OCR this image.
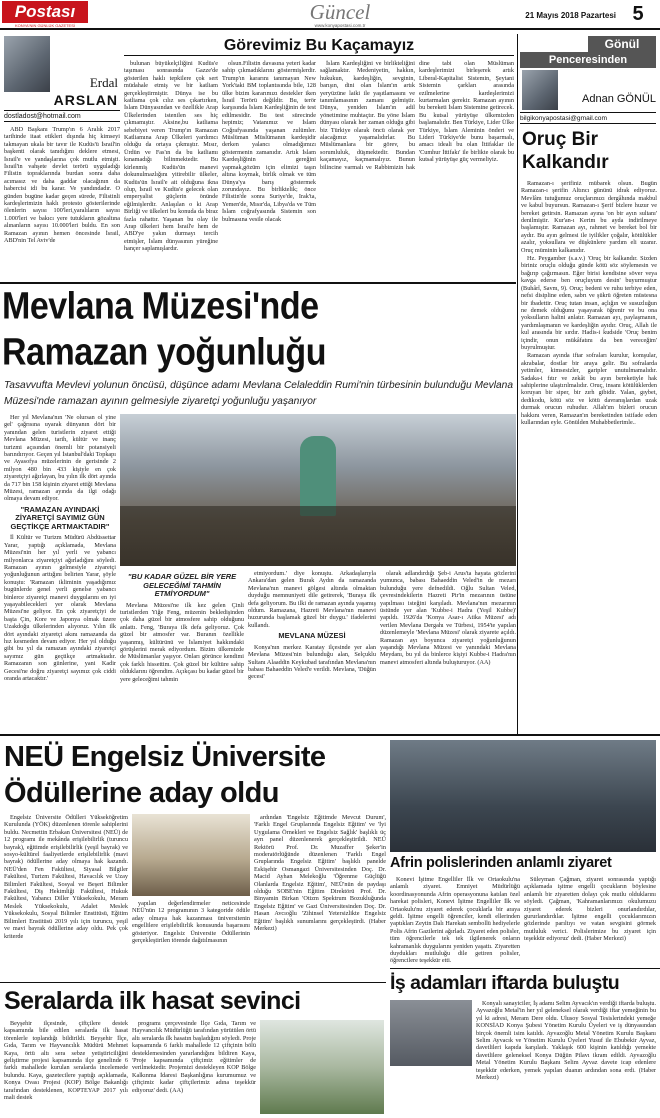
Postası
KONYA'NIN GÜNLÜK GAZETESİ
Güncel
www.konyapostasi.com.tr
21 Mayıs 2018 Pazartesi 5
Erdal
ARSLAN
dostladost@hotmail.com
Görevimiz Bu Kaçamayız

ABD Başkanı Trump'ın 6 Aralık 2017 tarihinde itaat etikleri dışında hiç kimseyi takmayan ukala bir tavır ile Kudüs'ü İsrail'in başkenti olarak tanıdığını deklere etmesi, İsrail'e ve yandaşlarına çok mutlu etmişti. İsrail'in vahşete devlet terörü uyguladığı Filistin topraklarında burdan sonra daha acımasız ve daha gaddar olacağının da habercisi idi bu karar. Ve yandındadır. O günden bugüne kadar geçen sürede, Filistinli kardeşlerimizin haklı protesto gösterilerinde ölenlerin sayısı 100'leri,yaralıların sayısı 1.000'leri ve bakıcı yere tutukların gözaltına alınanların sayısı 10.000'leri buldu. En son Ramazan ayının hemen öncesinde İsrail, ABD'nin Tel Aviv'de

bulunan büyükelçiliğini Kudüs'e taşıması sonrasında Gazze'de gösterilen haklı tepkilere çok sert müdahale etmiş ve bir katliam gerçekleştirmiştir. Dünya ise bu katliama çok cılız ses çıkartırken, İslam Dünyasından ve özellikle Arap Ülkelerinden istenilen ses hiç çıkmamıştır. Aksine,bu katliama sebebiyet veren Trump'ın Ramazan Katliamına Arap Ülkeleri yardımcı olduğu da ortaya çıkmıştır. Mısır, Ürdün ve Fas'ın da bu katliamı kınamadığı bilinmektedir. Bu kirlenmiş Kudüs'ün manevi dokunulmazlığını yitirebilir ülkeler, Kudüs'ün İsrail'e ait olduğuna ikna olup, İsrail ve Kudüs'e gelecek olan emperyalist güçlerin önünde eğilmişlerdir. Anlaşılan o ki Arap Birliği ve ülkeleri bu konuda da biraz fazla rahattır. Yaşanan bu olay ile Arap ülkeleri hem İsrail'e hem de ABD'ye yakın durmayı tercih etmişler, İslam dünyasının yüreğine hançer saplamışlardır.

olsun.Filistin davasına yeteri kadar sahip çıkmadıklarını göstermişlerdir. Trump'ın kararını tanımayan New York'taki BM toplantısında bile, 128 ülke bizim kararımızı destekler iken İsrail Terörü değildir. Bu, terör karşısında İslam Kardeşliğinin de test edilmesidir. Bu test sürecinde hepimiz; Vatanımız ve İslam Coğrafyasında yaşanan zulümler. Müslüman Müslümanın kardeşidir derken yalancı olmadığımızı göstermenin zamanıdır. Artık İslam Kardeşliğinin gereğini yapmak,gözüm için elimizi taşın altına koymak, birlik olmak ve tüm Dünya'ya barış göstermek zorundayız. Bu birliktelik; önce Filistin'de sonra Suriye'de, Irak'ta, Yemen'de, Mısır'da, Libya'da ve Tüm İslam coğrafyasında Sistemin son bulmasına vesile olacak

İslam Kardeşliğini ve birlikteliğini sağlamaktır. Medeniyetin, hakkın, hukukun, kardeşliğin, sevginin, barışın, dini olan İslam'ın artık yeryüzüne laiki ile yaşıtlamasını ve tanımlamasının zamanı gelmiştir. Dünya, yeniden İslam'ın adil yönetimine muhtaçtır. Bu yöne İslam dünyası olarak her zaman olduğu gibi biz Türkiye olarak öncü olarak yer alacağımız yaşamalıdırlar. Bu Müslümanlara bir görev, bu sorumluluk, düşmektedir. Bundan kaçamayız, kaçmamalıyız. Bunun bilincine varmalı ve Rabbimizin hak dine tabi olan Müslüman kardeşlerimizi birleşerek artık Liberal-Kapitalist Sistemin, Şeytani Sistemin çarkları arasında ezilmelerine kardeşlerimizi kurtarmaları gerekir. Ramazan ayının bu bereketi İslam Sistemine getirecek. Bu kutsal yürüyüşe ülkemizden başlamalıdır. Ben Türkiye, Lider Ülke Türkiye, İslam Aleminin önderi ve Lideri Türkiye'de bunu başarmalı, amacı ideali bu olan İttifaklar ile 'Cumhur İttifakı' ile birlikte olarak bu kutsal yürüyüşe güç vermeliyiz.

Gönül
Penceresinden
Adnan GÖNÜL
bilgikonyapostasi@gmail.com
Oruç Bir Kalkandır

Ramazan-ı şerifiniz mübarek olsun. Bugün Ramazan-ı şerifin Altıncı gününü idrak ediyoruz. Mevlâm tutuğumuz oruçlarımızı dergâhında makbul ve kabul buyursun. Ramazan-ı Şerif bizlere huzur ve bereket getirsin. Ramazan ayına 'on bir ayın sultanı' denilmiştir. Kur'an-ı Kerim bu ayda indirilmeye başlamıştır. Ramazan ayı, rahmet ve bereket bol bir aydır. Bu ayın gelmesi ile iyilikler çoğalır, kötülükler azalır, yoksullara ve düşkünlere yardım eli uzanır. Oruç müminin kalkanıdır.

Hz. Peygamber (s.a.v.) 'Oruç bir kalkandır. Sizden biriniz oruçlu olduğu günde kötü söz söylemesin ve bağırıp çağırmasın. Eğer birisi kendisine söver veya kavga ederse ben oruçluyum desin' buyurmuştur (Buhârî, Savm, 9). Oruç; bedeni ve ruhu terbiye eden, nefsi disipline eden, sabrı ve şükrü öğreten müstesna bir ibadettir. Oruç tutan insan, açlığın ve susuzluğun ne demek olduğunu yaşayarak öğrenir ve bu ona yoksulların halini anlatır. Ramazan ayı, paylaşmanın, yardımlaşmanın ve kardeşliğin ayıdır. Oruç, Allah ile kul arasında bir sırdır. Hadis-i kudside 'Oruç benim içindir, onun mükâfatını da ben vereceğim' buyrulmuştur.

Ramazan ayında iftar sofraları kurulur, komşular, akrabalar, dostlar bir araya gelir. Bu sofralarda yetimler, kimsesizler, garipler unutulmamalıdır. Sadaka-i fıtır ve zekât bu ayın bereketiyle hak sahiplerine ulaştırılmalıdır. Oruç, insanı kötülüklerden koruyan bir siper, bir zırh gibidir. Yalan, gıybet, dedikodu, kötü söz ve kötü davranışlardan uzak durmak orucun ruhudur. Allah'ım bizleri orucun hakkını veren, Ramazan'ın bereketinden istifade eden kullarından eyle. Gönülden Muhabbetlerimle..

Mevlana Müzesi'nde
Ramazan yoğunluğu
Tasavvufta Mevlevi yolunun öncüsü, düşünce adamı Mevlana Celaleddin Rumi'nin türbesinin bulunduğu Mevlana Müzesi'nde ramazan ayının gelmesiyle ziyaretçi yoğunluğu yaşanıyor

Her yıl Mevlana'nın 'Ne olursan ol yine gel' çağrısına uyarak dünyanın dört bir yanından gelen turistlerin ziyaret ettiği Mevlana Müzesi, tarih, kültür ve inanç turizmi açısından önemli bir potansiyeli barındırıyor. Geçen yıl İstanbul'daki Topkapı ve Ayasofya müzelerinin de gerisinde 2 milyon 480 bin 433 kişiyle en çok ziyaretçiyi ağırlayan, bu yılın ilk dört ayında da 717 bin 158 kişinin ziyaret ettiği Mevlana Müzesi, ramazan ayında da ilgi odağı olmaya devam ediyor.

"RAMAZAN AYINDAKİ ZİYARETÇİ SAYIMIZ GÜN GEÇTİKÇE ARTMAKTADIR"

İl Kültür ve Turizm Müdürü Abdüssettar Yarar, yaptığı açıklamada, Mevlana Müzesi'nin her yıl yerli ve yabancı milyonlarca ziyaretçiyi ağırladığını söyledi. Ramazan ayının gelmesiyle ziyaretçi yoğunluğunun arttığını belirten Yarar, şöyle konuştu: 'Ramazan ikliminin yaşadığımız bugünlerde genel yerli genelse yabancı binlerce ziyaretçi manevi duygularını en iyi yaşayabilecekleri yer olarak Mevlana Müzesi'ne geliyor. En çok ziyaretçiyi de başta Çin, Kore ve Japonya olmak üzere Uzakdoğu ülkelerinden alıyoruz. Yılın ilk dört ayındaki ziyaretçi akını ramazanda da hız kesmeden devam ediyor. Her yıl olduğu gibi bu yıl da ramazan ayındaki ziyaretçi sayımız gün geçtikçe artmaktadır. Ramazanın son günlerine, yani Kadir Gecesi'ne doğru ziyaretçi sayımız çok ciddi oranda artacaktır.'

"BU KADAR GÜZEL BİR YERE GELECEĞİMİ TAHMİN ETMİYORDUM"

Mevlana Müzesi'ne ilk kez gelen Çinli turistlerden Yiğe Feng, müzenin bekledişinden çok daha güzel bir atmosfere sahip olduğunu anlattı. Feng, 'Buraya ilk defa geliyoruz. Çok güzel bir atmosfer var. Buranın özellikle yaşanmış, kültürünü ve İslamiyet hakkındaki görüşlerini merak ediyordum. Bizim ülkemizde de Müslümanlar yaşıyor. Onları görünce kendimi çok farklı hissettim. Çok güzel bir kültüre sahip olduklarını öğrendim. Açıkçası bu kadar güzel bir yere geleceğimi tahmin

etmiyordum.' diye konuştu. Arkadaşlarıyla Ankara'dan gelen Burak Aydın da ramazanda Mevlana'nın manevi gölgesi altında olmaktan duyduğu memnuniyeti dile getirerek, 'Buraya ilk defa geliyorum. Bu ilki de ramazan ayında yaşamış oldum. Ramazana, Hazreti Mevlana'nın manevi huzurunda başlamak güzel bir duygu.' ifadelerini kullandı.

MEVLANA MÜZESİ

Konya'nın merkez Karatay ilçesinde yer alan Mevlana Müzesi'nin bulunduğu alan, Selçuklu Sultanı Alaaddin Keykubad tarafından Mevlana'nın babası Bahaeddin Veled'e verildi. Mevlana, 'Düğün gecesi'

olarak adlandırdığı Şeb-i Arus'ta hayata gözlerini yumunca, babası Bahaeddin Veled'in de mezarı bulunduğu yere defnedildi. Oğlu Sultan Veled, çevresindekilerin Hazreti Pir'in mezarının üstüne yapılması isteğini karşıladı. Mevlana'nın mezarının üstünde yer alan 'Kubbe-i Hadra (Yeşil Kubbe)' yapıldı. 1926'da 'Konya Asar-ı Atika Müzesi' adı verilen Mevlana Dergahı ve Türbesi, 1954'te yapılan düzenlemeyle 'Mevlana Müzesi' olarak ziyarete açıldı. Ramazan ayı boyunca ziyaretçi yoğunluğunun yaşandığı Mevlana Müzesi ve yanındaki Mevlana Meydanı, bu yıl da binlerce kişiyi Kubbe-i Hadra'nın manevi atmosferi altında buluşturuyor. (AA)

NEÜ Engelsiz Üniversite
Ödüllerine aday oldu

Engelsiz Üniversite Ödülleri Yükseköğretim Kurulunda (YÖK) düzenlenen törenle sahiplerini buldu. Necmettin Erbakan Üniversitesi (NEÜ) de 12 programı ile mekânda erişilebilirlik (turuncu bayrak), eğitimde erişilebilirlik (yeşil bayrak) ve sosyo-kültürel faaliyetlerde erişilebilirlik (mavi bayrak) ödüllerine aday olmaya hak kazandı. NEÜ'den Fen Fakültesi, Siyasal Bilgiler Fakültesi, Turizm Fakültesi, Havacılık ve Uzay Bilimleri Fakültesi, Sosyal ve Beşeri Bilimler Fakültesi, Diş Hekimliği Fakültesi, Hukuk Fakültesi, Yabancı Diller Yüksekokulu, Meram Meslek Yüksekokulu, Adalet Meslek Yüksekokulu, Sosyal Bilimler Enstitüsü, Eğitim Bilimleri Enstitüsü 2019 yılı için turuncu, yeşil ve mavi bayrak ödüllerine aday oldu. Pek çok kriterde

yapılan değerlendirmeler neticesinde NEÜ'nün 12 programının 3 kategoride ödüle aday olmaya hak kazanması üniversitenin engellilere erişilebilirlik konusunda başarısını gösteriyor. Engelsiz Üniversite Ödüllerinin gerçekleştirilen törende dağıtılmasının

ardından 'Engelsiz Eğitimde Mevcut Durum', 'Farklı Engel Gruplarında Engelsiz Eğitim' ve 'İyi Uygulama Örnekleri ve Engelsiz Sağlık' başlıklı üç ayrı panel düzenlenerek gerçekleştirildi. NEÜ Rektörü Prof. Dr. Muzaffer Şeker'in moderatörlüğünde düzenlenen 'Farklı Engel Gruplarında Engelsiz Eğitim' başlıklı panelde Eskişehir Osmangazi Üniversitesinden Doç. Dr. Macid Ayhan Melekoğlu 'Öğrenme Güçlüğü Olanlarda Engelsiz Eğitim', NEÜ'nün de paydaşı olduğu SOBE'nin Eğitim Direktörü Prof. Dr. Binyamin Birkan 'Otizm Spektrum Bozukluğunda Engelsiz Eğitim' ve Gazi Üniversitesinden Doç. Dr. Hasan Avcıoğlu 'Zihinsel Yetersizlikte Engelsiz Eğitim' başlıklı sunumlarını gerçekleştirdi. (Haber Merkezi)

Afrin polislerinden anlamlı ziyaret

Konevi İşitme Engelliler İlk ve Ortaokulu'na anlamlı ziyaret. Emniyet Müdürlüğü koordinasyonunda Afrin operasyonuna katılan özel harekat polisleri, Konevi İşitme Engelliler İlk ve Ortaokulu'nu ziyaret ederek çocuklarla bir araya geldi. İşitme engelli öğrenciler, kendi ellerinden yaptıkları Zeytin Dalı Harekatı sembollü hediyelerle Polis Afrin Gazilerini ağırladı. Ziyaret eden polisler, tüm öğrencilerle tek tek ilgilenerek onların kahramanlık duygularını yeniden yaşattı. Ziyaretten duydukları mutluluğu dile getiren polisler, öğrencilere teşekkür etti.

Süleyman Çağman, ziyaret sonrasında yaptığı açıklamada işitme engelli çocukların böylesine anlamlı bir ziyaretten dolayı çok mutlu olduklarını söyledi. Çağman, 'Kahramanlarımızı okulumuzu ziyaret ederek bizleri onurlandırdılar, gururlandırdılar. İşitme engelli çocuklarımızın gözlerinde parıltıyı ve vatan sevgisini görmek mutluluk verici. Polislerimize bu ziyaret için teşekkür ediyoruz' dedi. (Haber Merkezi)

Seralarda ilk hasat sevinci

Beyşehir ilçesinde, çiftçilere destek kapsamında bile edilen seralarda ilk hasat törenlerle toplandığı bildirildi. Beyşehir İlçe, Gıda, Tarım ve Hayvancılık Müdürü Mehmet Kaya, örtü altı sera sebze yetiştiriciliğini geliştirme projesi kapsamında ilçe genelinde 6 farklı mahallede kurulan seralarda incelemede bulundu. Kaya, gazetecilere yaptığı açıklamada, Konya Ovası Projesi (KOP) Bölge Bakanlığı tarafından desteklenen, KOPTEYAP 2017 yılı mali destek

programı çerçevesinde İlçe Gıda, Tarım ve Hayvancılık Müdürlüğü tarafından yürütülen örtü altı seralarda ilk hasatın başladığını söyledi. Proje kapsamında 6 farklı mahallede 12 çiftçinin bölü desteklemesinden yararlandığını bildiren Kaya, 'Proje kapsamında çiftçimiz eğitimler de verilmektedir. Projemizi destekleyen KOP Bölge Kalkınma İdaresi Başkanlığına kurumumuz ve çiftçimiz kadar çiftçilerimiz adına teşekkür ediyoruz' dedi. (AA)

İş adamları iftarda buluştu

Konyalı sanayiciler, İş adamı Selim Ayvacık'ın verdiği iftarda buluştu. Ayvazoğlu Metal'in her yıl geleneksel olarak verdiği iftar yemeğinin bu yıl ki adresi, Meram Dere oldu. Ulusoy Sosyal Tesislerindeki yemeğe KONSİAD Konya Şubesi Yönetim Kurulu Üyeleri ve iş dünyasından birçok önemli isim katıldı. Ayvazoğlu Metal Yönetim Kurulu Başkanı Selim Ayvacık ve Yönetim Kurulu Üyeleri Yusuf ile Ebubekir Ayvaz, davetlileri kapıda karşıladı. Yaklaşık 600 kişinin katıldığı yemekte davetlilere geleneksel Konya Düğün Pilavı ikram edildi. Ayvazoğlu Metal Yönetim Kurulu Başkanı Selim Ayvaz davete icap edenlere teşekkür ederken, yemek yapılan duanın ardından sona erdi. (Haber Merkezi)
